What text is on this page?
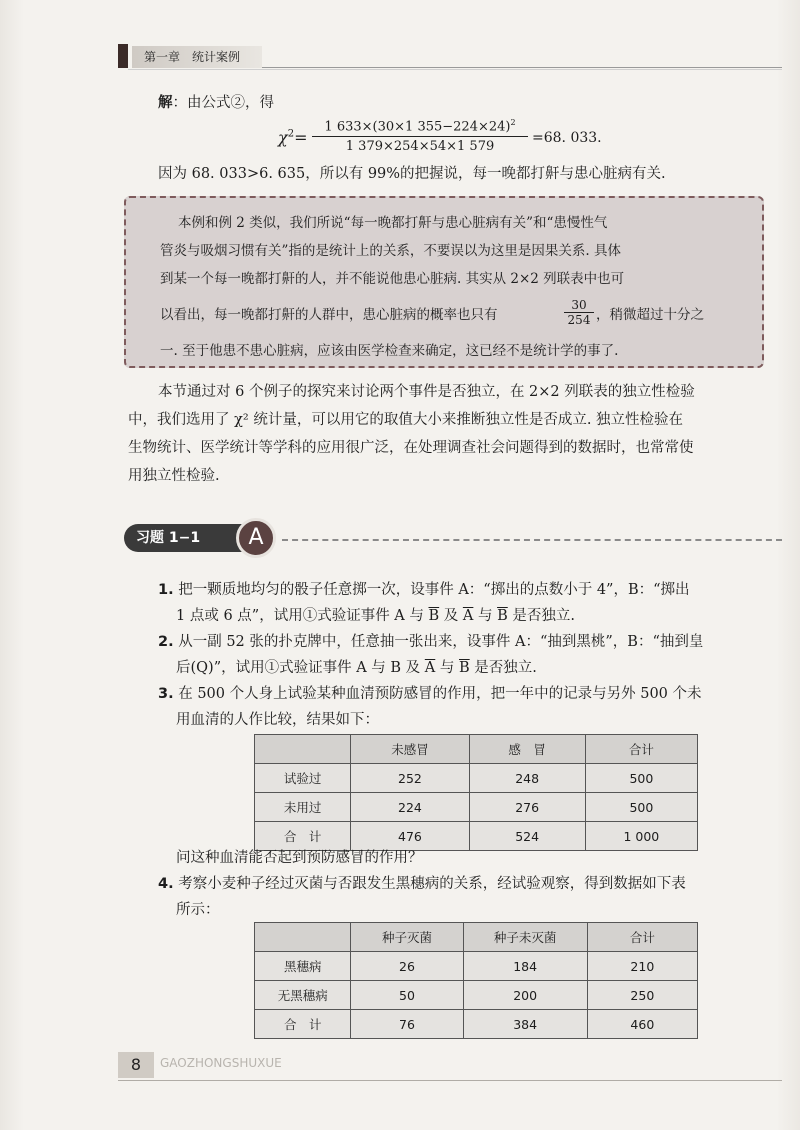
第一章　统计案例
解：由公式②，得
$\chi^2= \frac{1 633\times(30\times 1 355-224\times 24)^2}{1 379\times 254\times 54\times 1 579} =68$. 033.
因为 68. 033>6. 635，所以有 99%的把握说，每一晚都打鼾与患心脏病有关.
本例和例 2 类似，我们所说“每一晚都打鼾与患心脏病有关”和“患慢性气
管炎与吸烟习惯有关”指的是统计上的关系，不要误以为这里是因果关系. 具体
到某一个每一晚都打鼾的人，并不能说他患心脏病. 其实从 2×2 列联表中也可
以看出，每一晚都打鼾的人群中，患心脏病的概率也只有	$\frac{30}{254}$ ，稍微超过十分之
一. 至于他患不患心脏病，应该由医学检查来确定，这已经不是统计学的事了.
本节通过对 6 个例子的探究来讨论两个事件是否独立，在 2×2 列联表的独立性检验
中，我们选用了 χ² 统计量，可以用它的取值大小来推断独立性是否成立. 独立性检验在
生物统计、医学统计等学科的应用很广泛，在处理调查社会问题得到的数据时，也常常使
用独立性检验.
习题 1−1	A
1. 把一颗质地均匀的骰子任意掷一次，设事件 A：“掷出的点数小于 4”，B：“掷出
1 点或 6 点”，试用①式验证事件 A 与 $\overline{B}$ 及 $\overline{A}$ 与 $\overline{B}$ 是否独立.
2. 从一副 52 张的扑克牌中，任意抽一张出来，设事件 A：“抽到黑桃”，B：“抽到皇
后(Q)”，试用①式验证事件 A 与 B 及 $\overline{A}$ 与 $\overline{B}$ 是否独立.
3. 在 500 个人身上试验某种血清预防感冒的作用，把一年中的记录与另外 500 个未
用血清的人作比较，结果如下：
	未感冒	感　冒	合计
试验过	252	248	500
未用过	224	276	500
合　计	476	524	1 000
问这种血清能否起到预防感冒的作用？
4. 考察小麦种子经过灭菌与否跟发生黑穗病的关系，经试验观察，得到数据如下表
所示：
	种子灭菌	种子未灭菌	合计
黑穗病	26	184	210
无黑穗病	50	200	250
合　计	76	384	460
8	GAOZHONGSHUXUE
